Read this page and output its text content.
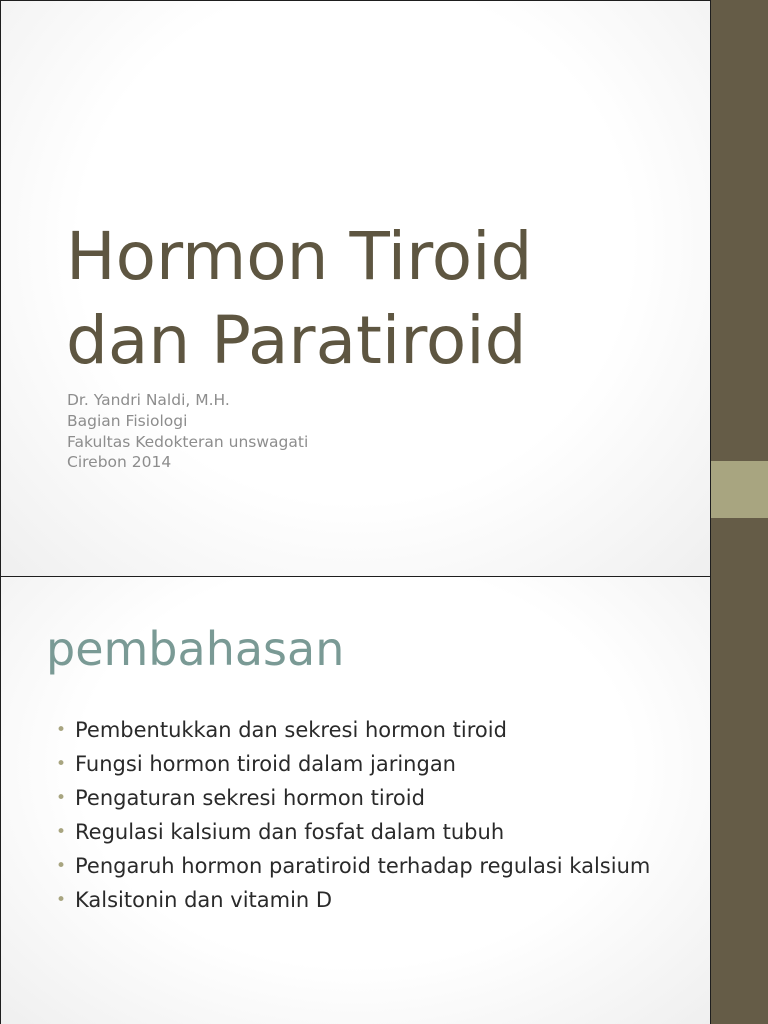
Hormon Tiroid
dan Paratiroid
Dr. Yandri Naldi, M.H.
Bagian Fisiologi
Fakultas Kedokteran unswagati
Cirebon 2014
pembahasan
• Pembentukkan dan sekresi hormon tiroid
• Fungsi hormon tiroid dalam jaringan
• Pengaturan sekresi hormon tiroid
• Regulasi kalsium dan fosfat dalam tubuh
• Pengaruh hormon paratiroid terhadap regulasi kalsium
• Kalsitonin dan vitamin D
